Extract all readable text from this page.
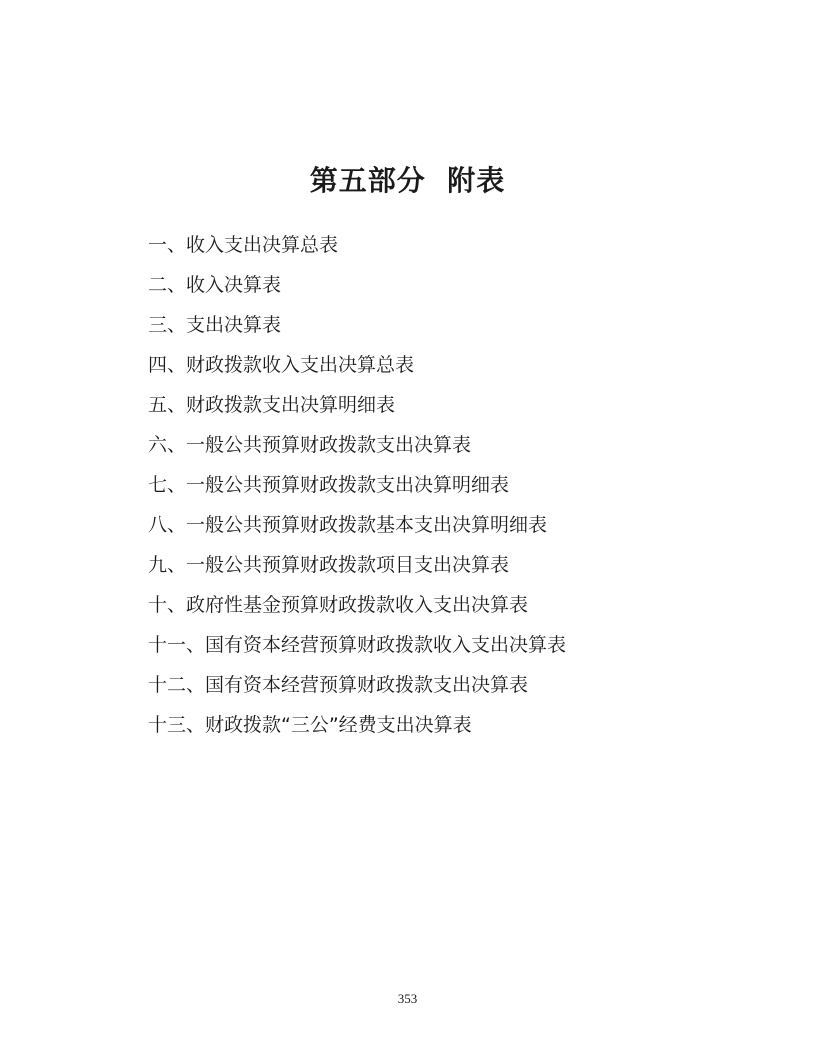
第五部分  附表
一、收入支出决算总表
二、收入决算表
三、支出决算表
四、财政拨款收入支出决算总表
五、财政拨款支出决算明细表
六、一般公共预算财政拨款支出决算表
七、一般公共预算财政拨款支出决算明细表
八、一般公共预算财政拨款基本支出决算明细表
九、一般公共预算财政拨款项目支出决算表
十、政府性基金预算财政拨款收入支出决算表
十一、国有资本经营预算财政拨款收入支出决算表
十二、国有资本经营预算财政拨款支出决算表
十三、财政拨款“三公”经费支出决算表
353
